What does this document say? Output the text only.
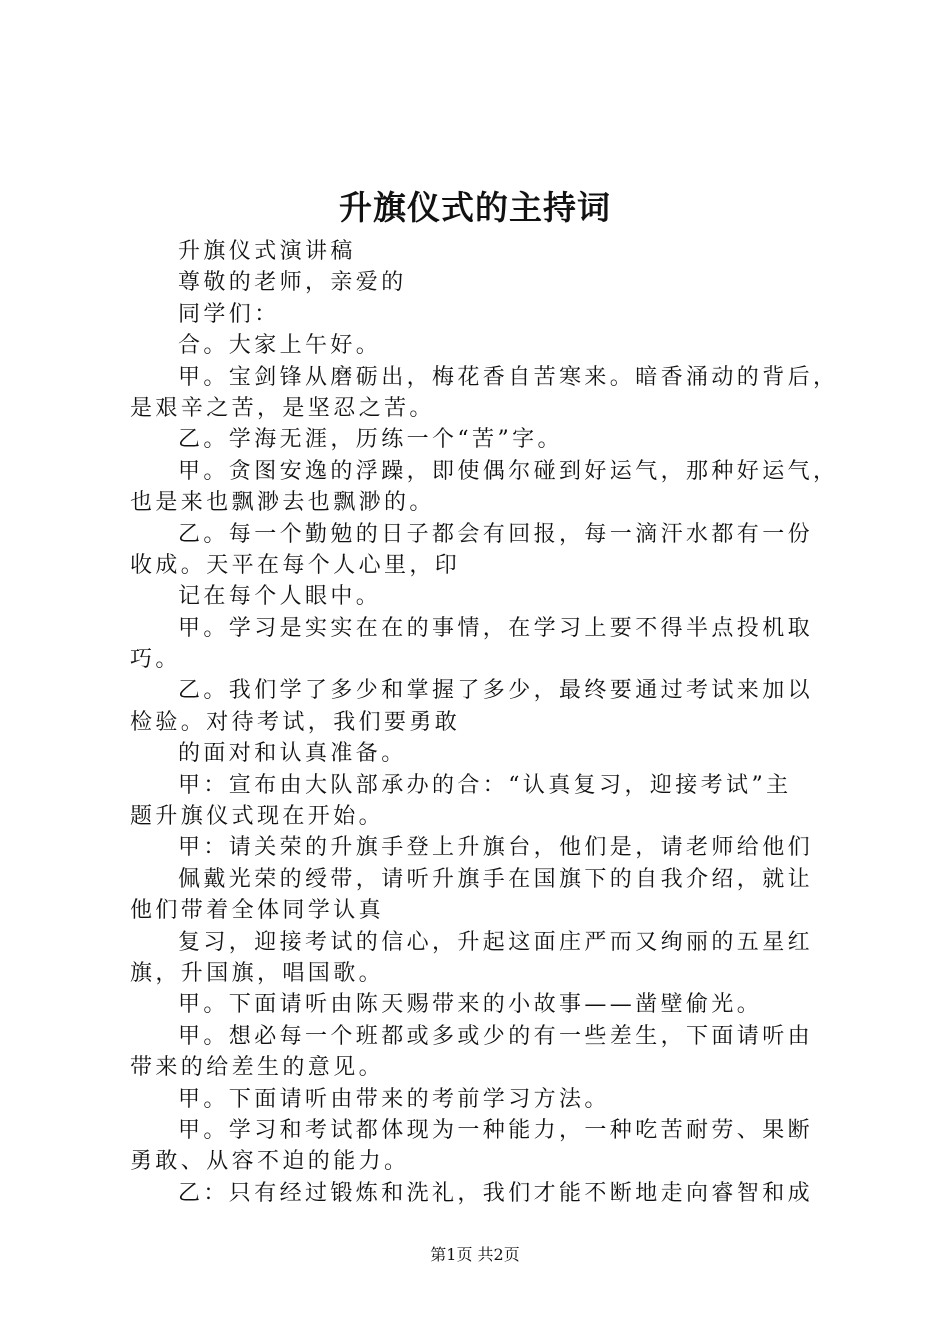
升旗仪式的主持词
升旗仪式演讲稿
尊敬的老师，亲爱的
同学们：
合。大家上午好。
甲。宝剑锋从磨砺出，梅花香自苦寒来。暗香涌动的背后，
是艰辛之苦，是坚忍之苦。
乙。学海无涯，历练一个“苦”字。
甲。贪图安逸的浮躁，即使偶尔碰到好运气，那种好运气，
也是来也飘渺去也飘渺的。
乙。每一个勤勉的日子都会有回报，每一滴汗水都有一份
收成。天平在每个人心里，印
记在每个人眼中。
甲。学习是实实在在的事情，在学习上要不得半点投机取
巧。
乙。我们学了多少和掌握了多少，最终要通过考试来加以
检验。对待考试，我们要勇敢
的面对和认真准备。
甲：宣布由大队部承办的合：“认真复习，迎接考试”主
题升旗仪式现在开始。
甲：请关荣的升旗手登上升旗台，他们是，请老师给他们
佩戴光荣的绶带，请听升旗手在国旗下的自我介绍，就让
他们带着全体同学认真
复习，迎接考试的信心，升起这面庄严而又绚丽的五星红
旗，升国旗，唱国歌。
甲。下面请听由陈天赐带来的小故事——凿壁偷光。
甲。想必每一个班都或多或少的有一些差生，下面请听由
带来的给差生的意见。
甲。下面请听由带来的考前学习方法。
甲。学习和考试都体现为一种能力，一种吃苦耐劳、果断
勇敢、从容不迫的能力。
乙：只有经过锻炼和洗礼，我们才能不断地走向睿智和成
第1页 共2页
